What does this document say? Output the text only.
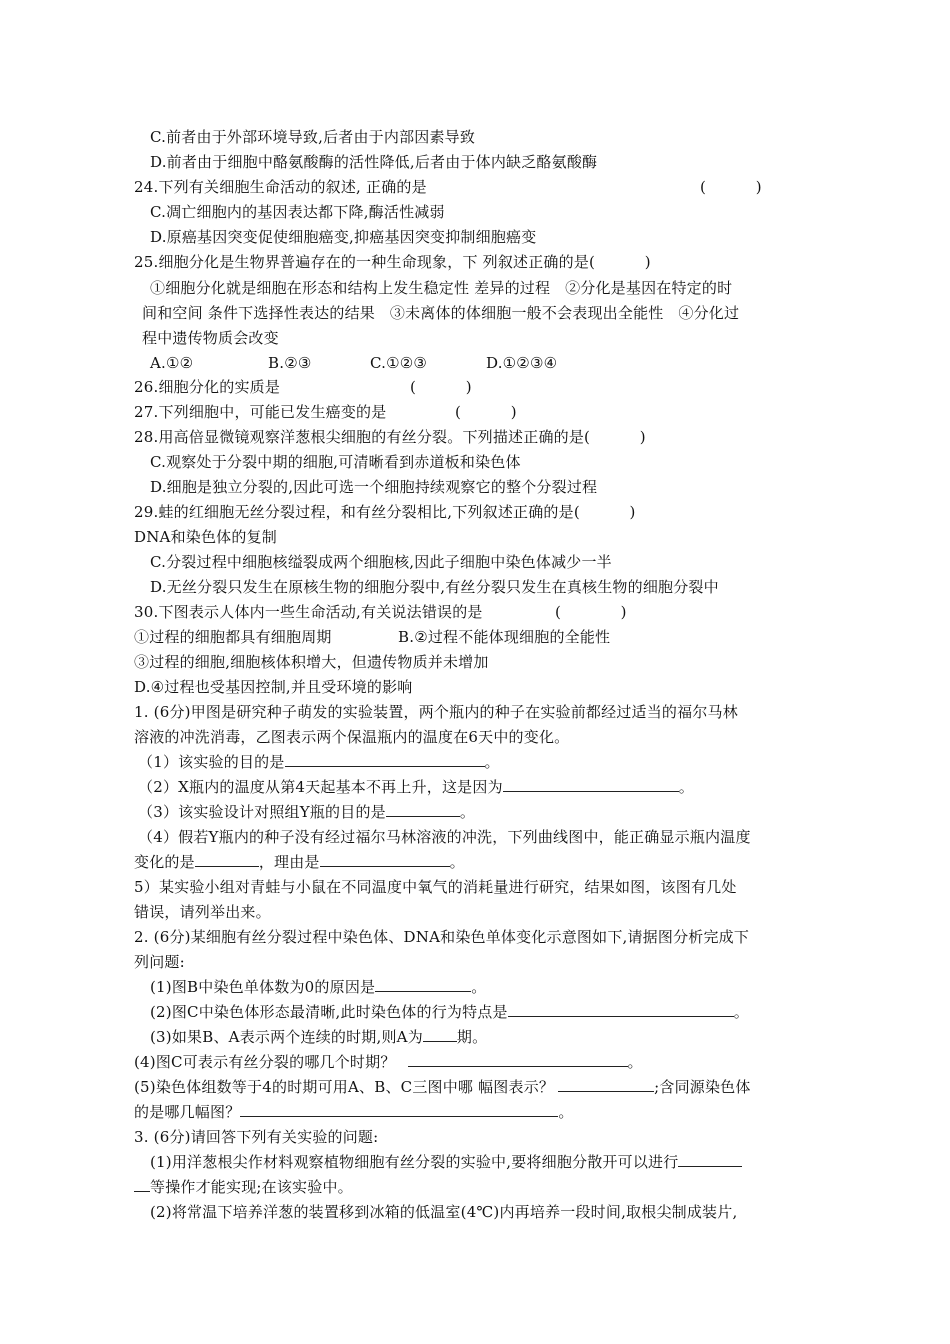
C.前者由于外部环境导致,后者由于内部因素导致
D.前者由于细胞中酪氨酸酶的活性降低,后者由于体内缺乏酪氨酸酶
24.下列有关细胞生命活动的叙述, 正确的是	(          )
C.凋亡细胞内的基因表达都下降,酶活性减弱
D.原癌基因突变促使细胞癌变,抑癌基因突变抑制细胞癌变
25.细胞分化是生物界普遍存在的一种生命现象，下 列叙述正确的是(          )
①细胞分化就是细胞在形态和结构上发生稳定性 差异的过程   ②分化是基因在特定的时
间和空间 条件下选择性表达的结果   ③未离体的体细胞一般不会表现出全能性   ④分化过
程中遗传物质会改变
A.①②	B.②③	C.①②③	D.①②③④
26.细胞分化的实质是	(          )
27.下列细胞中，可能已发生癌变的是	(          )
28.用高倍显微镜观察洋葱根尖细胞的有丝分裂。下列描述正确的是(          )
C.观察处于分裂中期的细胞,可清晰看到赤道板和染色体
D.细胞是独立分裂的,因此可选一个细胞持续观察它的整个分裂过程
29.蛙的红细胞无丝分裂过程，和有丝分裂相比,下列叙述正确的是(          )
DNA和染色体的复制
C.分裂过程中细胞核缢裂成两个细胞核,因此子细胞中染色体减少一半
D.无丝分裂只发生在原核生物的细胞分裂中,有丝分裂只发生在真核生物的细胞分裂中
30.下图表示人体内一些生命活动,有关说法错误的是	(            )
①过程的细胞都具有细胞周期	B.②过程不能体现细胞的全能性
③过程的细胞,细胞核体积增大，但遗传物质并未增加
D.④过程也受基因控制,并且受环境的影响
1. (6分)甲图是研究种子萌发的实验装置，两个瓶内的种子在实验前都经过适当的福尔马林
溶液的冲洗消毒，乙图表示两个保温瓶内的温度在6天中的变化。
（1）该实验的目的是	。
（2）X瓶内的温度从第4天起基本不再上升，这是因为	。
（3）该实验设计对照组Y瓶的目的是	。
（4）假若Y瓶内的种子没有经过福尔马林溶液的冲洗，下列曲线图中，能正确显示瓶内温度
变化的是	，理由是	。
5）某实验小组对青蛙与小鼠在不同温度中氧气的消耗量进行研究，结果如图，该图有几处
错误，请列举出来。
2. (6分)某细胞有丝分裂过程中染色体、DNA和染色单体变化示意图如下,请据图分析完成下
列问题:
(1)图B中染色单体数为0的原因是	。
(2)图C中染色体形态最清晰,此时染色体的行为特点是	。
(3)如果B、A表示两个连续的时期,则A为 期。
(4)图C可表示有丝分裂的哪几个时期？	。
(5)染色体组数等于4的时期可用A、B、C三图中哪 幅图表示？	;含同源染色体
的是哪几幅图？	。
3. (6分)请回答下列有关实验的问题:
(1)用洋葱根尖作材料观察植物细胞有丝分裂的实验中,要将细胞分散开可以进行
等操作才能实现;在该实验中。
(2)将常温下培养洋葱的装置移到冰箱的低温室(4℃)内再培养一段时间,取根尖制成装片,
